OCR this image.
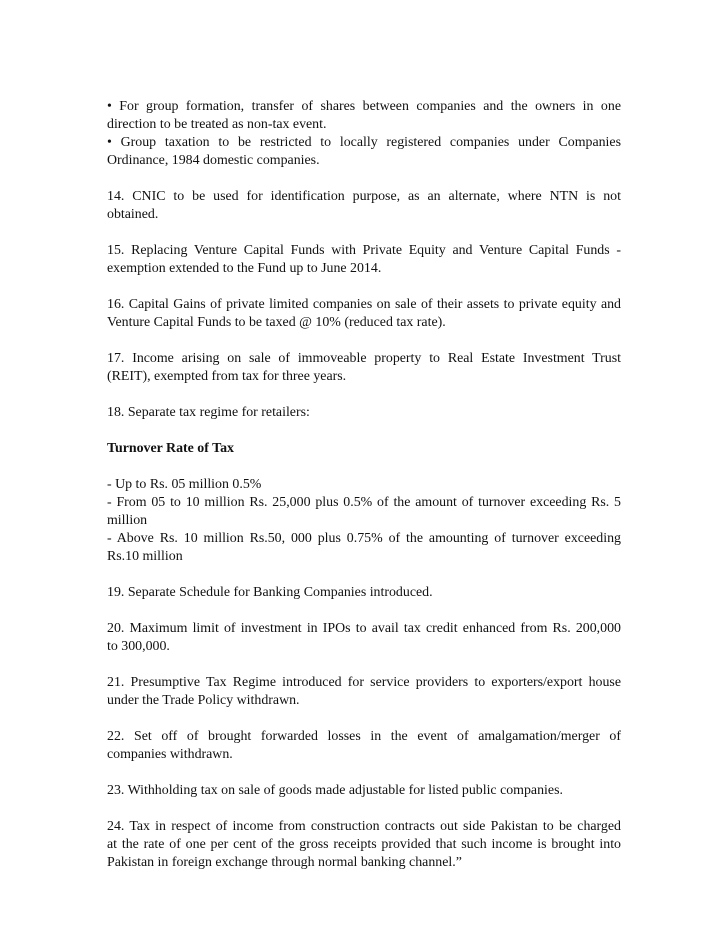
• For group formation, transfer of shares between companies and the owners in one
direction to be treated as non-tax event.
• Group taxation to be restricted to locally registered companies under Companies
Ordinance, 1984 domestic companies.
14. CNIC to be used for identification purpose, as an alternate, where NTN is not
obtained.
15. Replacing Venture Capital Funds with Private Equity and Venture Capital Funds -
exemption extended to the Fund up to June 2014.
16. Capital Gains of private limited companies on sale of their assets to private equity and
Venture Capital Funds to be taxed @ 10% (reduced tax rate).
17. Income arising on sale of immoveable property to Real Estate Investment Trust
(REIT), exempted from tax for three years.
18. Separate tax regime for retailers:
Turnover Rate of Tax
- Up to Rs. 05 million 0.5%
- From 05 to 10 million Rs. 25,000 plus 0.5% of the amount of turnover exceeding Rs. 5
million
- Above Rs. 10 million Rs.50, 000 plus 0.75% of the amounting of turnover exceeding
Rs.10 million
19. Separate Schedule for Banking Companies introduced.
20. Maximum limit of investment in IPOs to avail tax credit enhanced from Rs. 200,000
to 300,000.
21. Presumptive Tax Regime introduced for service providers to exporters/export house
under the Trade Policy withdrawn.
22. Set off of brought forwarded losses in the event of amalgamation/merger of
companies withdrawn.
23. Withholding tax on sale of goods made adjustable for listed public companies.
24. Tax in respect of income from construction contracts out side Pakistan to be charged
at the rate of one per cent of the gross receipts provided that such income is brought into
Pakistan in foreign exchange through normal banking channel.”
